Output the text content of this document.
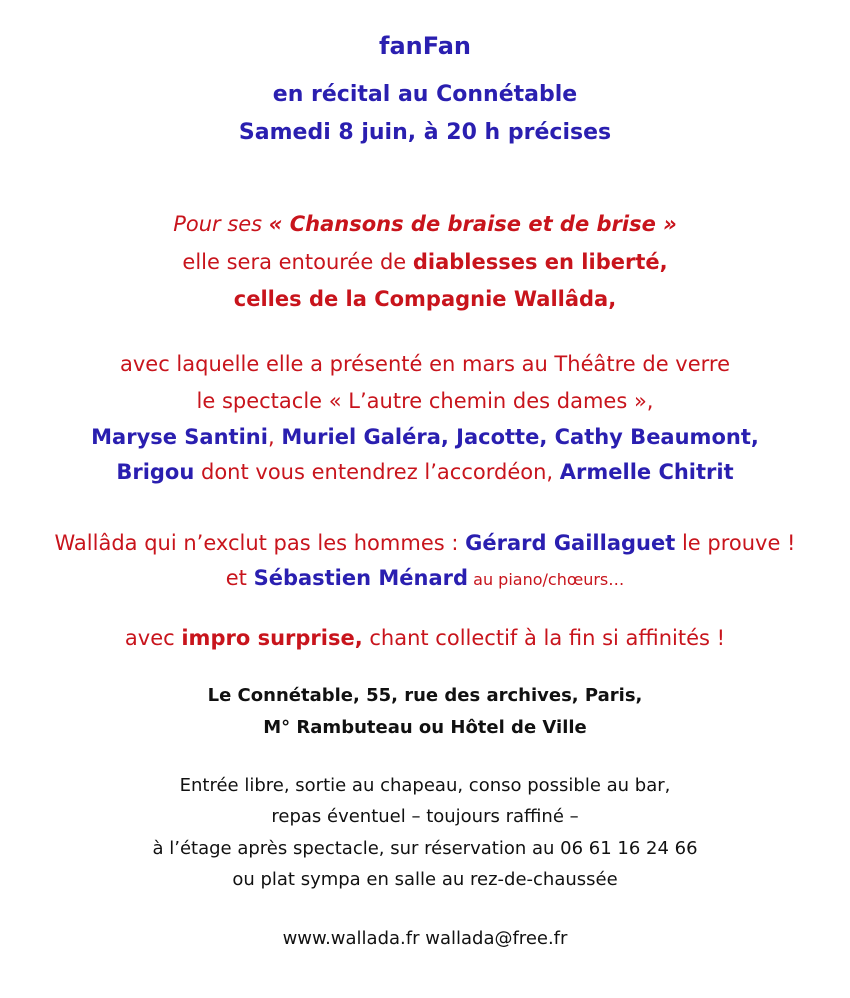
fanFan
en récital au Connétable
Samedi 8 juin, à 20 h précises
Pour ses « Chansons de braise et de brise »
elle sera entourée de diablesses en liberté,
celles de la Compagnie Wallâda,
avec laquelle elle a présenté en mars au Théâtre de verre
le spectacle « L’autre chemin des dames »,
Maryse Santini, Muriel Galéra, Jacotte, Cathy Beaumont,
Brigou dont vous entendrez l’accordéon, Armelle Chitrit
Wallâda qui n’exclut pas les hommes : Gérard Gaillaguet le prouve !
et Sébastien Ménard au piano/chœurs…
avec impro surprise, chant collectif à la fin si affinités !
Le Connétable, 55, rue des archives, Paris,
M° Rambuteau ou Hôtel de Ville
Entrée libre, sortie au chapeau, conso possible au bar,
repas éventuel – toujours raffiné –
à l’étage après spectacle, sur réservation au 06 61 16 24 66
ou plat sympa en salle au rez-de-chaussée
www.wallada.fr wallada@free.fr
